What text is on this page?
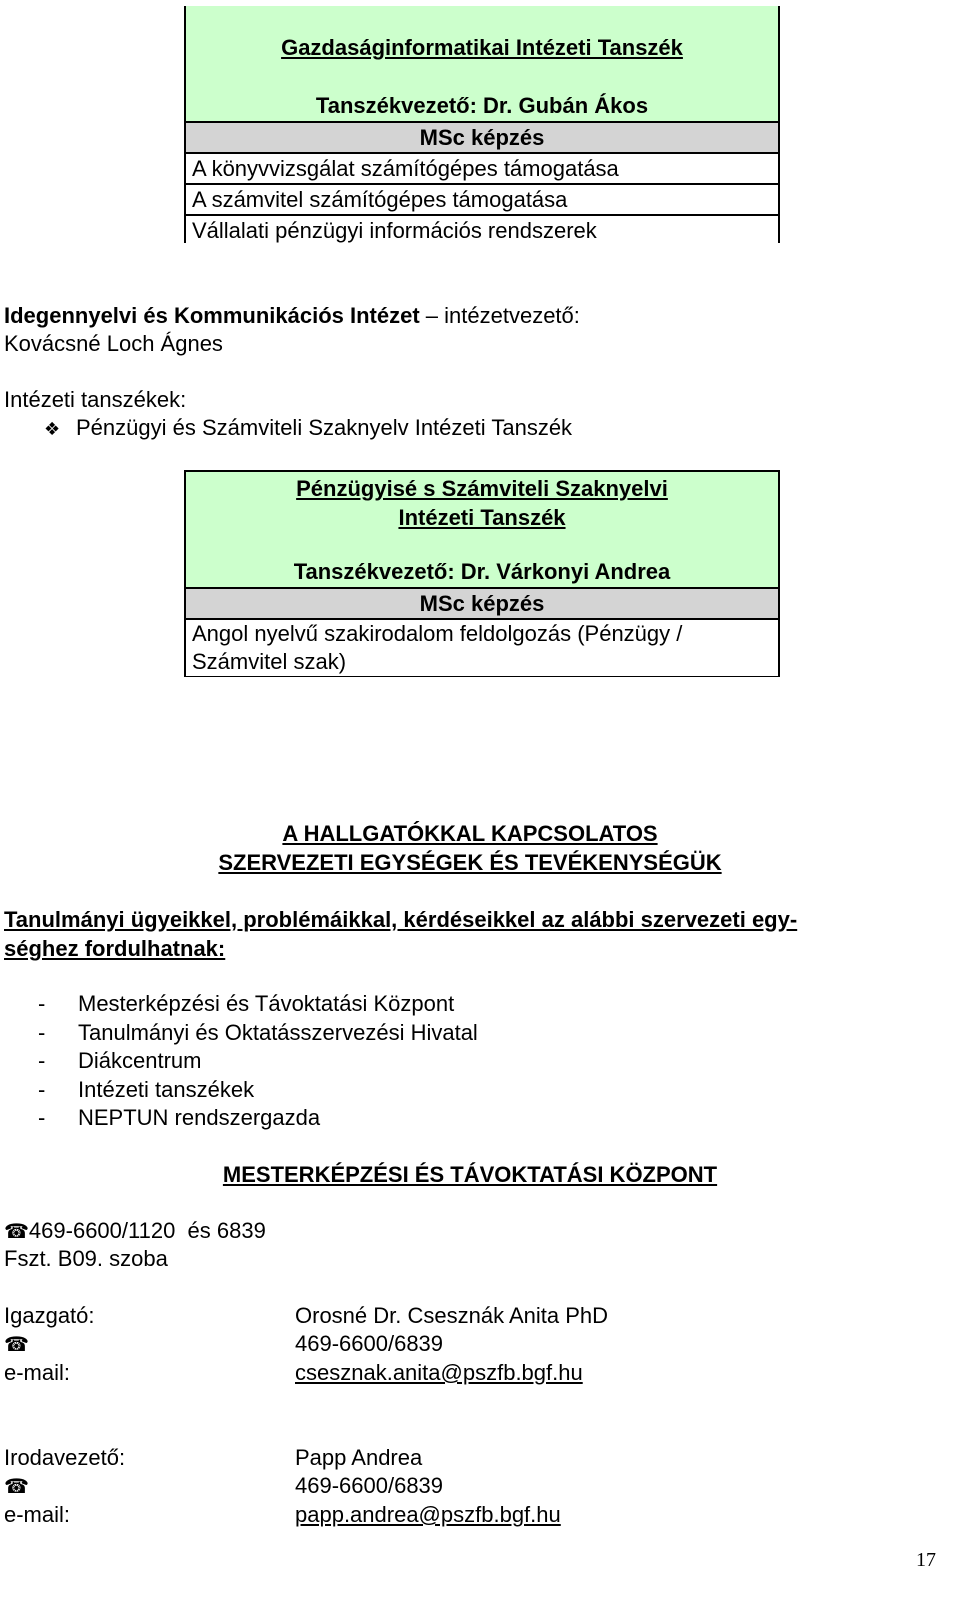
Gazdaságinformatikai Intézeti Tanszék
Tanszékvezető: Dr. Gubán Ákos
MSc képzés
A könyvvizsgálat számítógépes támogatása
A számvitel számítógépes támogatása
Vállalati pénzügyi információs rendszerek
Idegennyelvi és Kommunikációs Intézet – intézetvezető:
Kovácsné Loch Ágnes
Intézeti tanszékek:
❖ Pénzügyi és Számviteli Szaknyelv Intézeti Tanszék
Pénzügyisé s Számviteli Szaknyelvi
Intézeti Tanszék
Tanszékvezető: Dr. Várkonyi Andrea
MSc képzés
Angol nyelvű szakirodalom feldolgozás (Pénzügy /
Számvitel szak)
A HALLGATÓKKAL KAPCSOLATOS
SZERVEZETI EGYSÉGEK ÉS TEVÉKENYSÉGÜK
Tanulmányi ügyeikkel, problémáikkal, kérdéseikkel az alábbi szervezeti egy-
séghez fordulhatnak:
- Mesterképzési és Távoktatási Központ
- Tanulmányi és Oktatásszervezési Hivatal
- Diákcentrum
- Intézeti tanszékek
- NEPTUN rendszergazda
MESTERKÉPZÉSI ÉS TÁVOKTATÁSI KÖZPONT
☎469-6600/1120  és 6839
Fszt. B09. szoba
Igazgató:	Orosné Dr. Csesznák Anita PhD
☎	469-6600/6839
e-mail:	csesznak.anita@pszfb.bgf.hu
Irodavezető:	Papp Andrea
☎	469-6600/6839
e-mail:	papp.andrea@pszfb.bgf.hu
17
